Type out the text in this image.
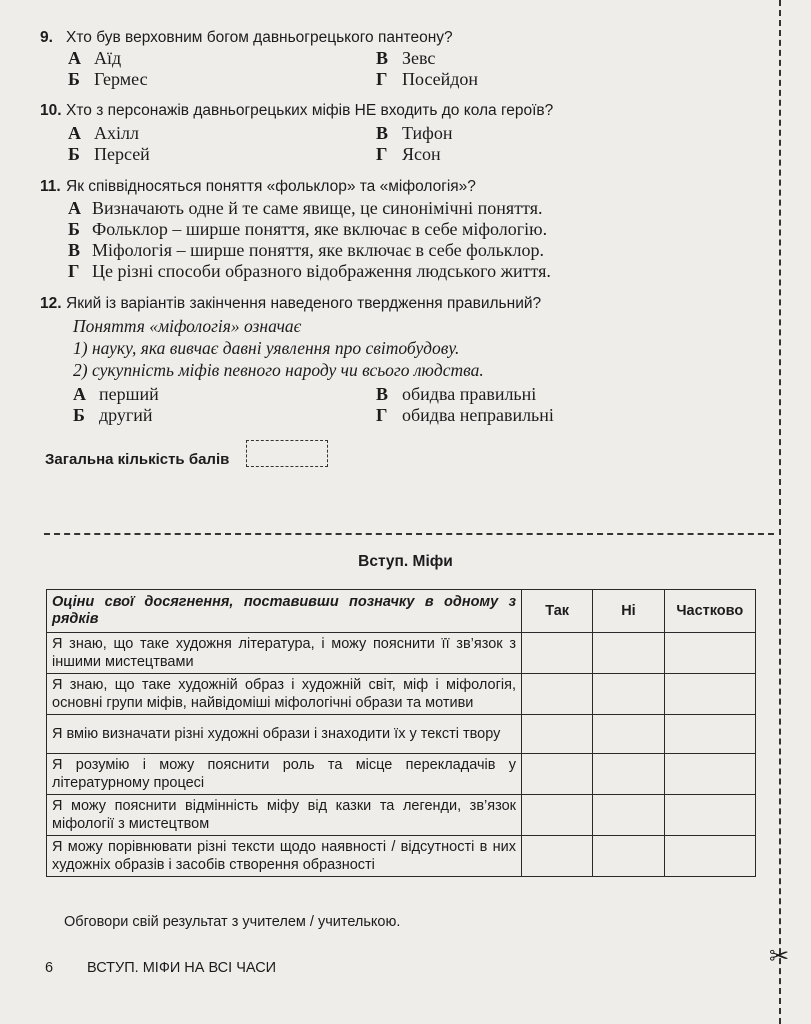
9. Хто був верховним богом давньогрецького пантеону?
А Аїд	В Зевс
Б Гермес	Г Посейдон
10. Хто з персонажів давньогрецьких міфів НЕ входить до кола героїв?
А Ахілл	В Тифон
Б Персей	Г Ясон
11. Як співвідносяться поняття «фольклор» та «міфологія»?
А Визначають одне й те саме явище, це синонімічні поняття.
Б Фольклор – ширше поняття, яке включає в себе міфологію.
В Міфологія – ширше поняття, яке включає в себе фольклор.
Г Це різні способи образного відображення людського життя.
12. Який із варіантів закінчення наведеного твердження правильний?
Поняття «міфологія» означає
1) науку, яка вивчає давні уявлення про світобудову.
2) сукупність міфів певного народу чи всього людства.
А перший	В обидва правильні
Б другий	Г обидва неправильні
Загальна кількість балів
✂
Вступ. Міфи
Оціни свої досягнення, поставивши позначку в одному з рядків	Так	Ні	Частково
Я знаю, що таке художня література, і можу пояснити її зв’язок з іншими мистецтвами			
Я знаю, що таке художній образ і художній світ, міф і міфологія, основні групи міфів, найвідоміші міфологічні образи та мотиви			
Я вмію визначати різні художні образи і знаходити їх у тексті твору			
Я розумію і можу пояснити роль та місце перекладачів у літературному процесі			
Я можу пояснити відмінність міфу від казки та легенди, зв’язок міфології з мистецтвом			
Я можу порівнювати різні тексти щодо наявності / відсутності в них художніх образів і засобів створення образності			
Обговори свій результат з учителем / учителькою.
6 ВСТУП. МІФИ НА ВСІ ЧАСИ
